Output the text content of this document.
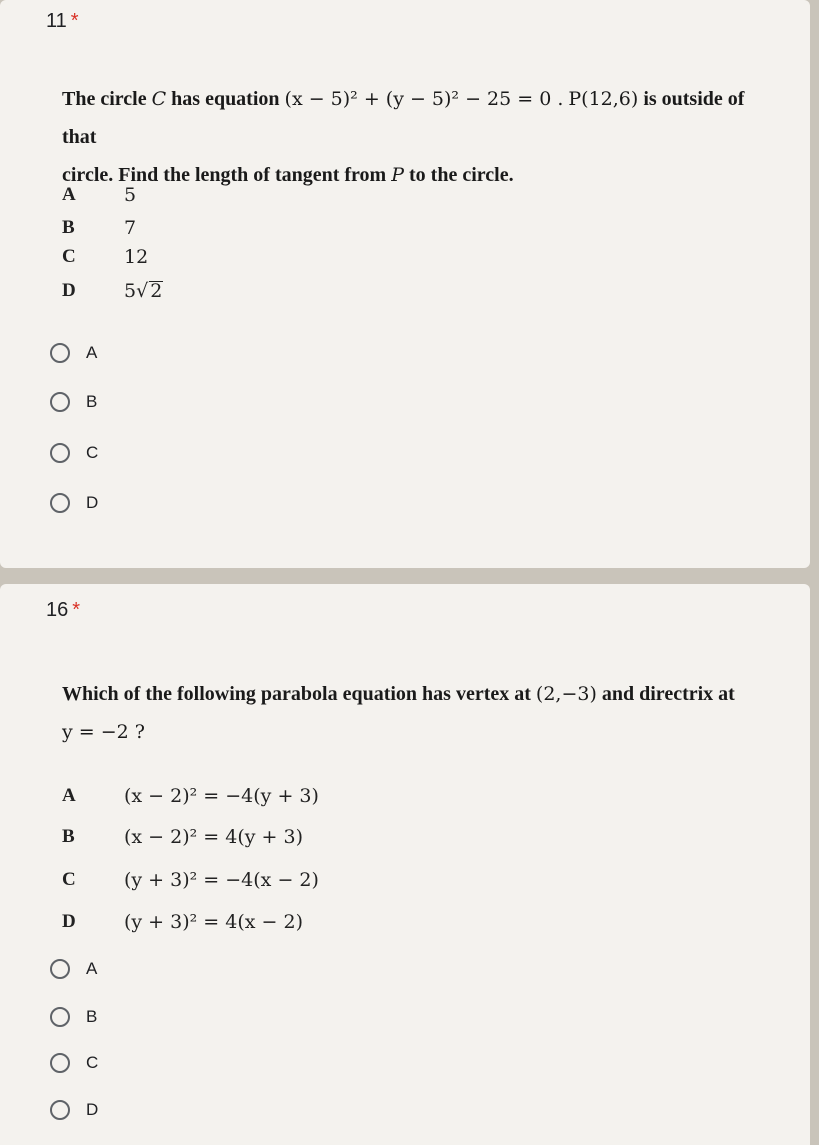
11 *
The circle C has equation (x − 5)² + (y − 5)² − 25 = 0 . P(12,6) is outside of that
circle. Find the length of tangent from P to the circle.
A	5
B	7
C	12
D	5√ 2
A
B
C
D
16 *
Which of the following parabola equation has vertex at (2,−3) and directrix at
y = −2 ?
A	(x − 2)² = −4(y + 3)
B	(x − 2)² = 4(y + 3)
C	(y + 3)² = −4(x − 2)
D	(y + 3)² = 4(x − 2)
A
B
C
D
